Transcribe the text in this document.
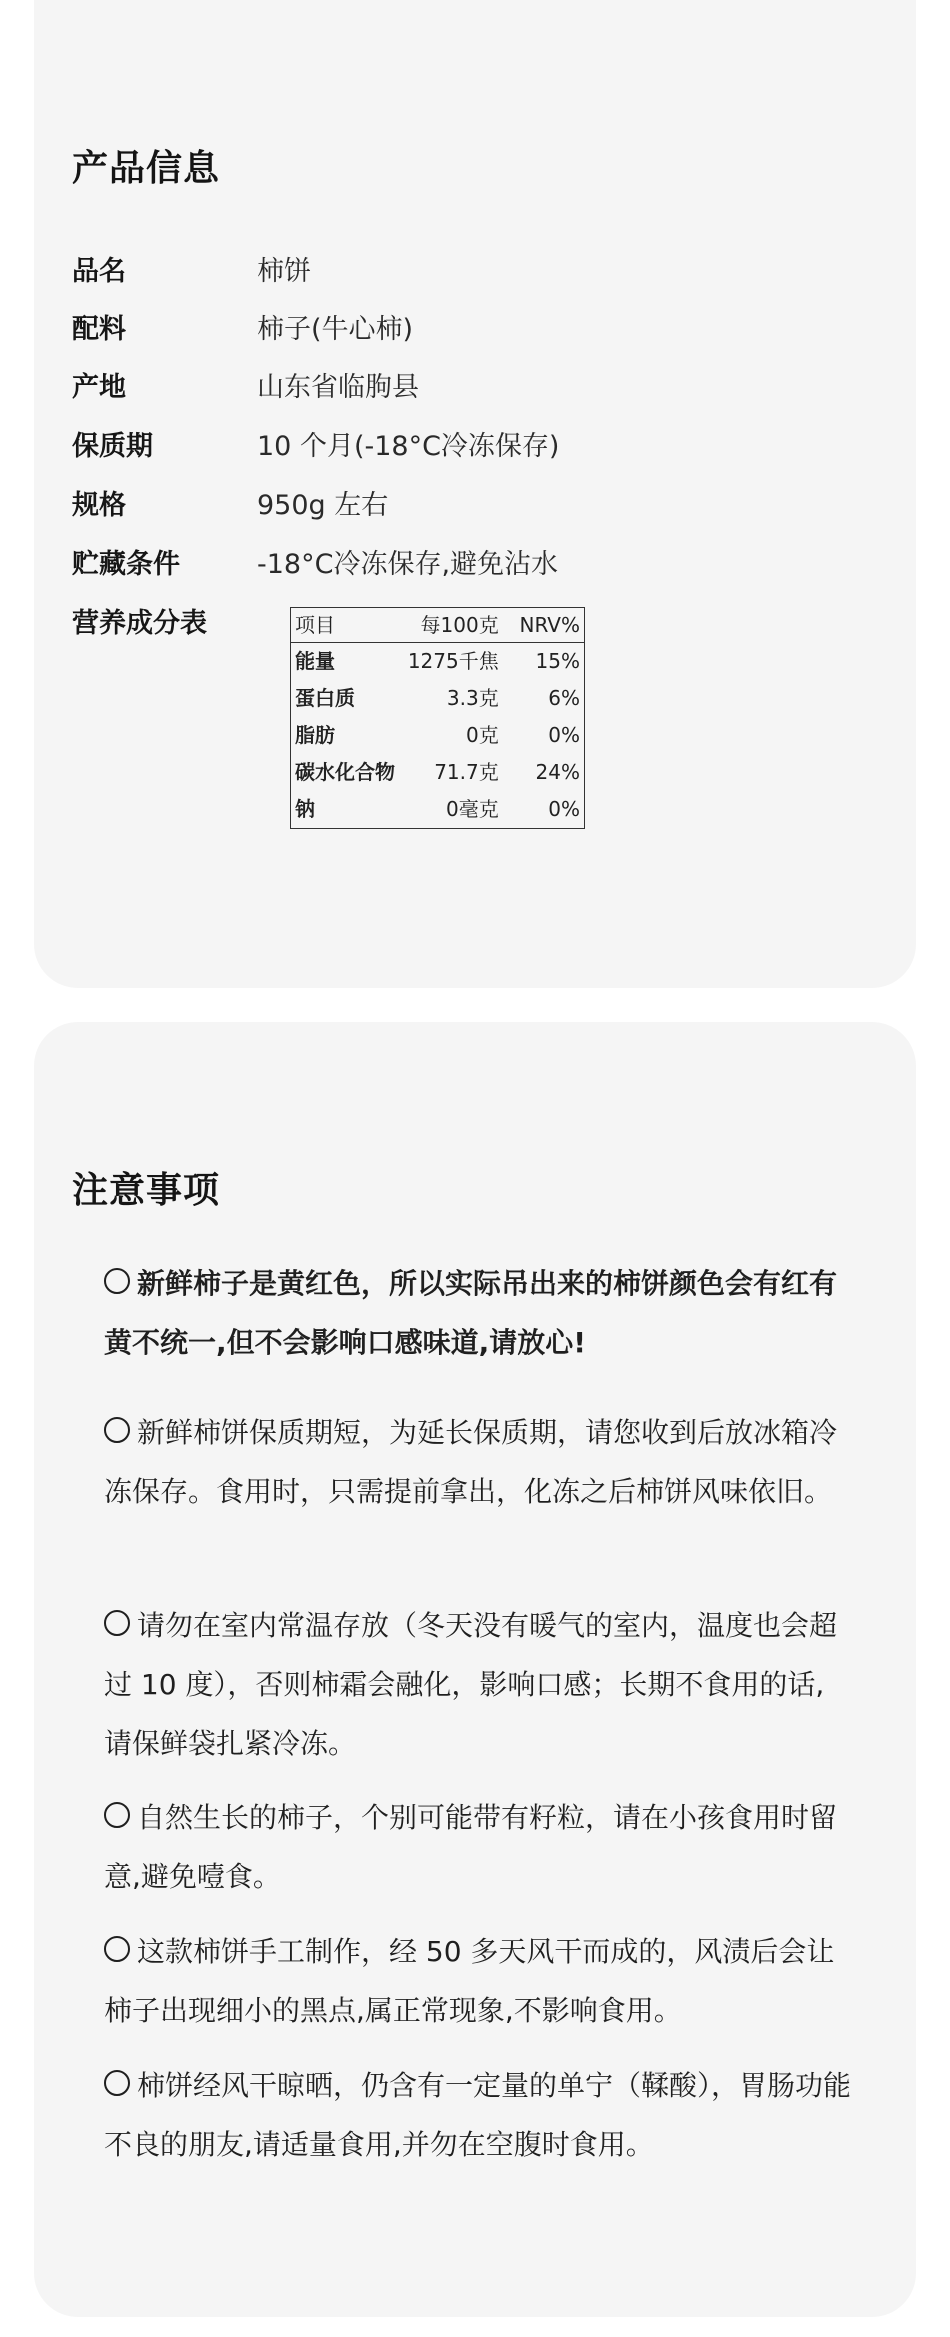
产品信息
品名	柿饼
配料	柿子(牛心柿)
产地	山东省临朐县
保质期	10 个月(-18°C冷冻保存)
规格	950g 左右
贮藏条件	-18°C冷冻保存,避免沾水
营养成分表	项目	每100克	NRV%
能量	1275千焦	15%
蛋白质	3.3克	6%
脂肪	0克	0%
碳水化合物	71.7克	24%
钠	0毫克	0%
注意事项
新鲜柿子是黄红色，所以实际吊出来的柿饼颜色会有红有黄不统一,但不会影响口感味道,请放心!
新鲜柿饼保质期短，为延长保质期，请您收到后放冰箱冷冻保存。食用时，只需提前拿出，化冻之后柿饼风味依旧。
请勿在室内常温存放（冬天没有暖气的室内，温度也会超过 10 度），否则柿霜会融化，影响口感；长期不食用的话,请保鲜袋扎紧冷冻。
自然生长的柿子，个别可能带有籽粒，请在小孩食用时留意,避免噎食。
这款柿饼手工制作，经 50 多天风干而成的，风渍后会让柿子出现细小的黑点,属正常现象,不影响食用。
柿饼经风干晾晒，仍含有一定量的单宁（鞣酸），胃肠功能不良的朋友,请适量食用,并勿在空腹时食用。
